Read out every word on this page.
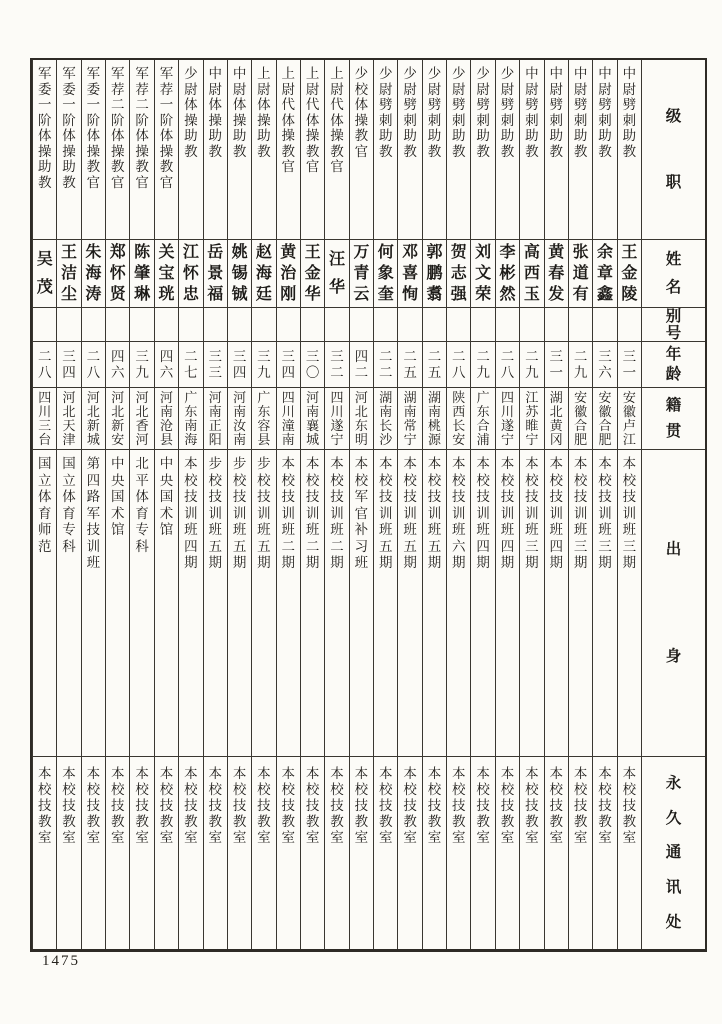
级
职
姓
名
别
号
年
龄
籍
贯
出
身
永
久
通
讯
处
中
尉
劈
刺
助
教
王
金
陵
三
一
安
徽
卢
江
本
校
技
训
班
三
期
本
校
技
教
室
中
尉
劈
刺
助
教
余
章
鑫
三
六
安
徽
合
肥
本
校
技
训
班
三
期
本
校
技
教
室
中
尉
劈
刺
助
教
张
道
有
二
九
安
徽
合
肥
本
校
技
训
班
三
期
本
校
技
教
室
中
尉
劈
刺
助
教
黄
春
发
三
一
湖
北
黄
冈
本
校
技
训
班
四
期
本
校
技
教
室
中
尉
劈
刺
助
教
高
西
玉
二
九
江
苏
睢
宁
本
校
技
训
班
三
期
本
校
技
教
室
少
尉
劈
刺
助
教
李
彬
然
二
八
四
川
遂
宁
本
校
技
训
班
四
期
本
校
技
教
室
少
尉
劈
刺
助
教
刘
文
荣
二
九
广
东
合
浦
本
校
技
训
班
四
期
本
校
技
教
室
少
尉
劈
刺
助
教
贺
志
强
二
八
陕
西
长
安
本
校
技
训
班
六
期
本
校
技
教
室
少
尉
劈
刺
助
教
郭
鹏
翥
二
五
湖
南
桃
源
本
校
技
训
班
五
期
本
校
技
教
室
少
尉
劈
刺
助
教
邓
喜
恂
二
五
湖
南
常
宁
本
校
技
训
班
五
期
本
校
技
教
室
少
尉
劈
刺
助
教
何
象
奎
二
二
湖
南
长
沙
本
校
技
训
班
五
期
本
校
技
教
室
少
校
体
操
教
官
万
青
云
四
二
河
北
东
明
本
校
军
官
补
习
班
本
校
技
教
室
上
尉
代
体
操
教
官
汪
华
三
二
四
川
遂
宁
本
校
技
训
班
二
期
本
校
技
教
室
上
尉
代
体
操
教
官
王
金
华
三
〇
河
南
襄
城
本
校
技
训
班
二
期
本
校
技
教
室
上
尉
代
体
操
教
官
黄
治
刚
三
四
四
川
潼
南
本
校
技
训
班
二
期
本
校
技
教
室
上
尉
体
操
助
教
赵
海
廷
三
九
广
东
容
县
步
校
技
训
班
五
期
本
校
技
教
室
中
尉
体
操
助
教
姚
锡
铖
三
四
河
南
汝
南
步
校
技
训
班
五
期
本
校
技
教
室
中
尉
体
操
助
教
岳
景
福
三
三
河
南
正
阳
步
校
技
训
班
五
期
本
校
技
教
室
少
尉
体
操
助
教
江
怀
忠
二
七
广
东
南
海
本
校
技
训
班
四
期
本
校
技
教
室
军
荐
一
阶
体
操
教
官
关
宝
珖
四
六
河
南
沧
县
中
央
国
术
馆
本
校
技
教
室
军
荐
二
阶
体
操
教
官
陈
肇
琳
三
九
河
北
香
河
北
平
体
育
专
科
本
校
技
教
室
军
荐
二
阶
体
操
教
官
郑
怀
贤
四
六
河
北
新
安
中
央
国
术
馆
本
校
技
教
室
军
委
一
阶
体
操
教
官
朱
海
涛
二
八
河
北
新
城
第
四
路
军
技
训
班
本
校
技
教
室
军
委
一
阶
体
操
助
教
王
洁
尘
三
四
河
北
天
津
国
立
体
育
专
科
本
校
技
教
室
军
委
一
阶
体
操
助
教
吴
茂
二
八
四
川
三
台
国
立
体
育
师
范
本
校
技
教
室
1475
